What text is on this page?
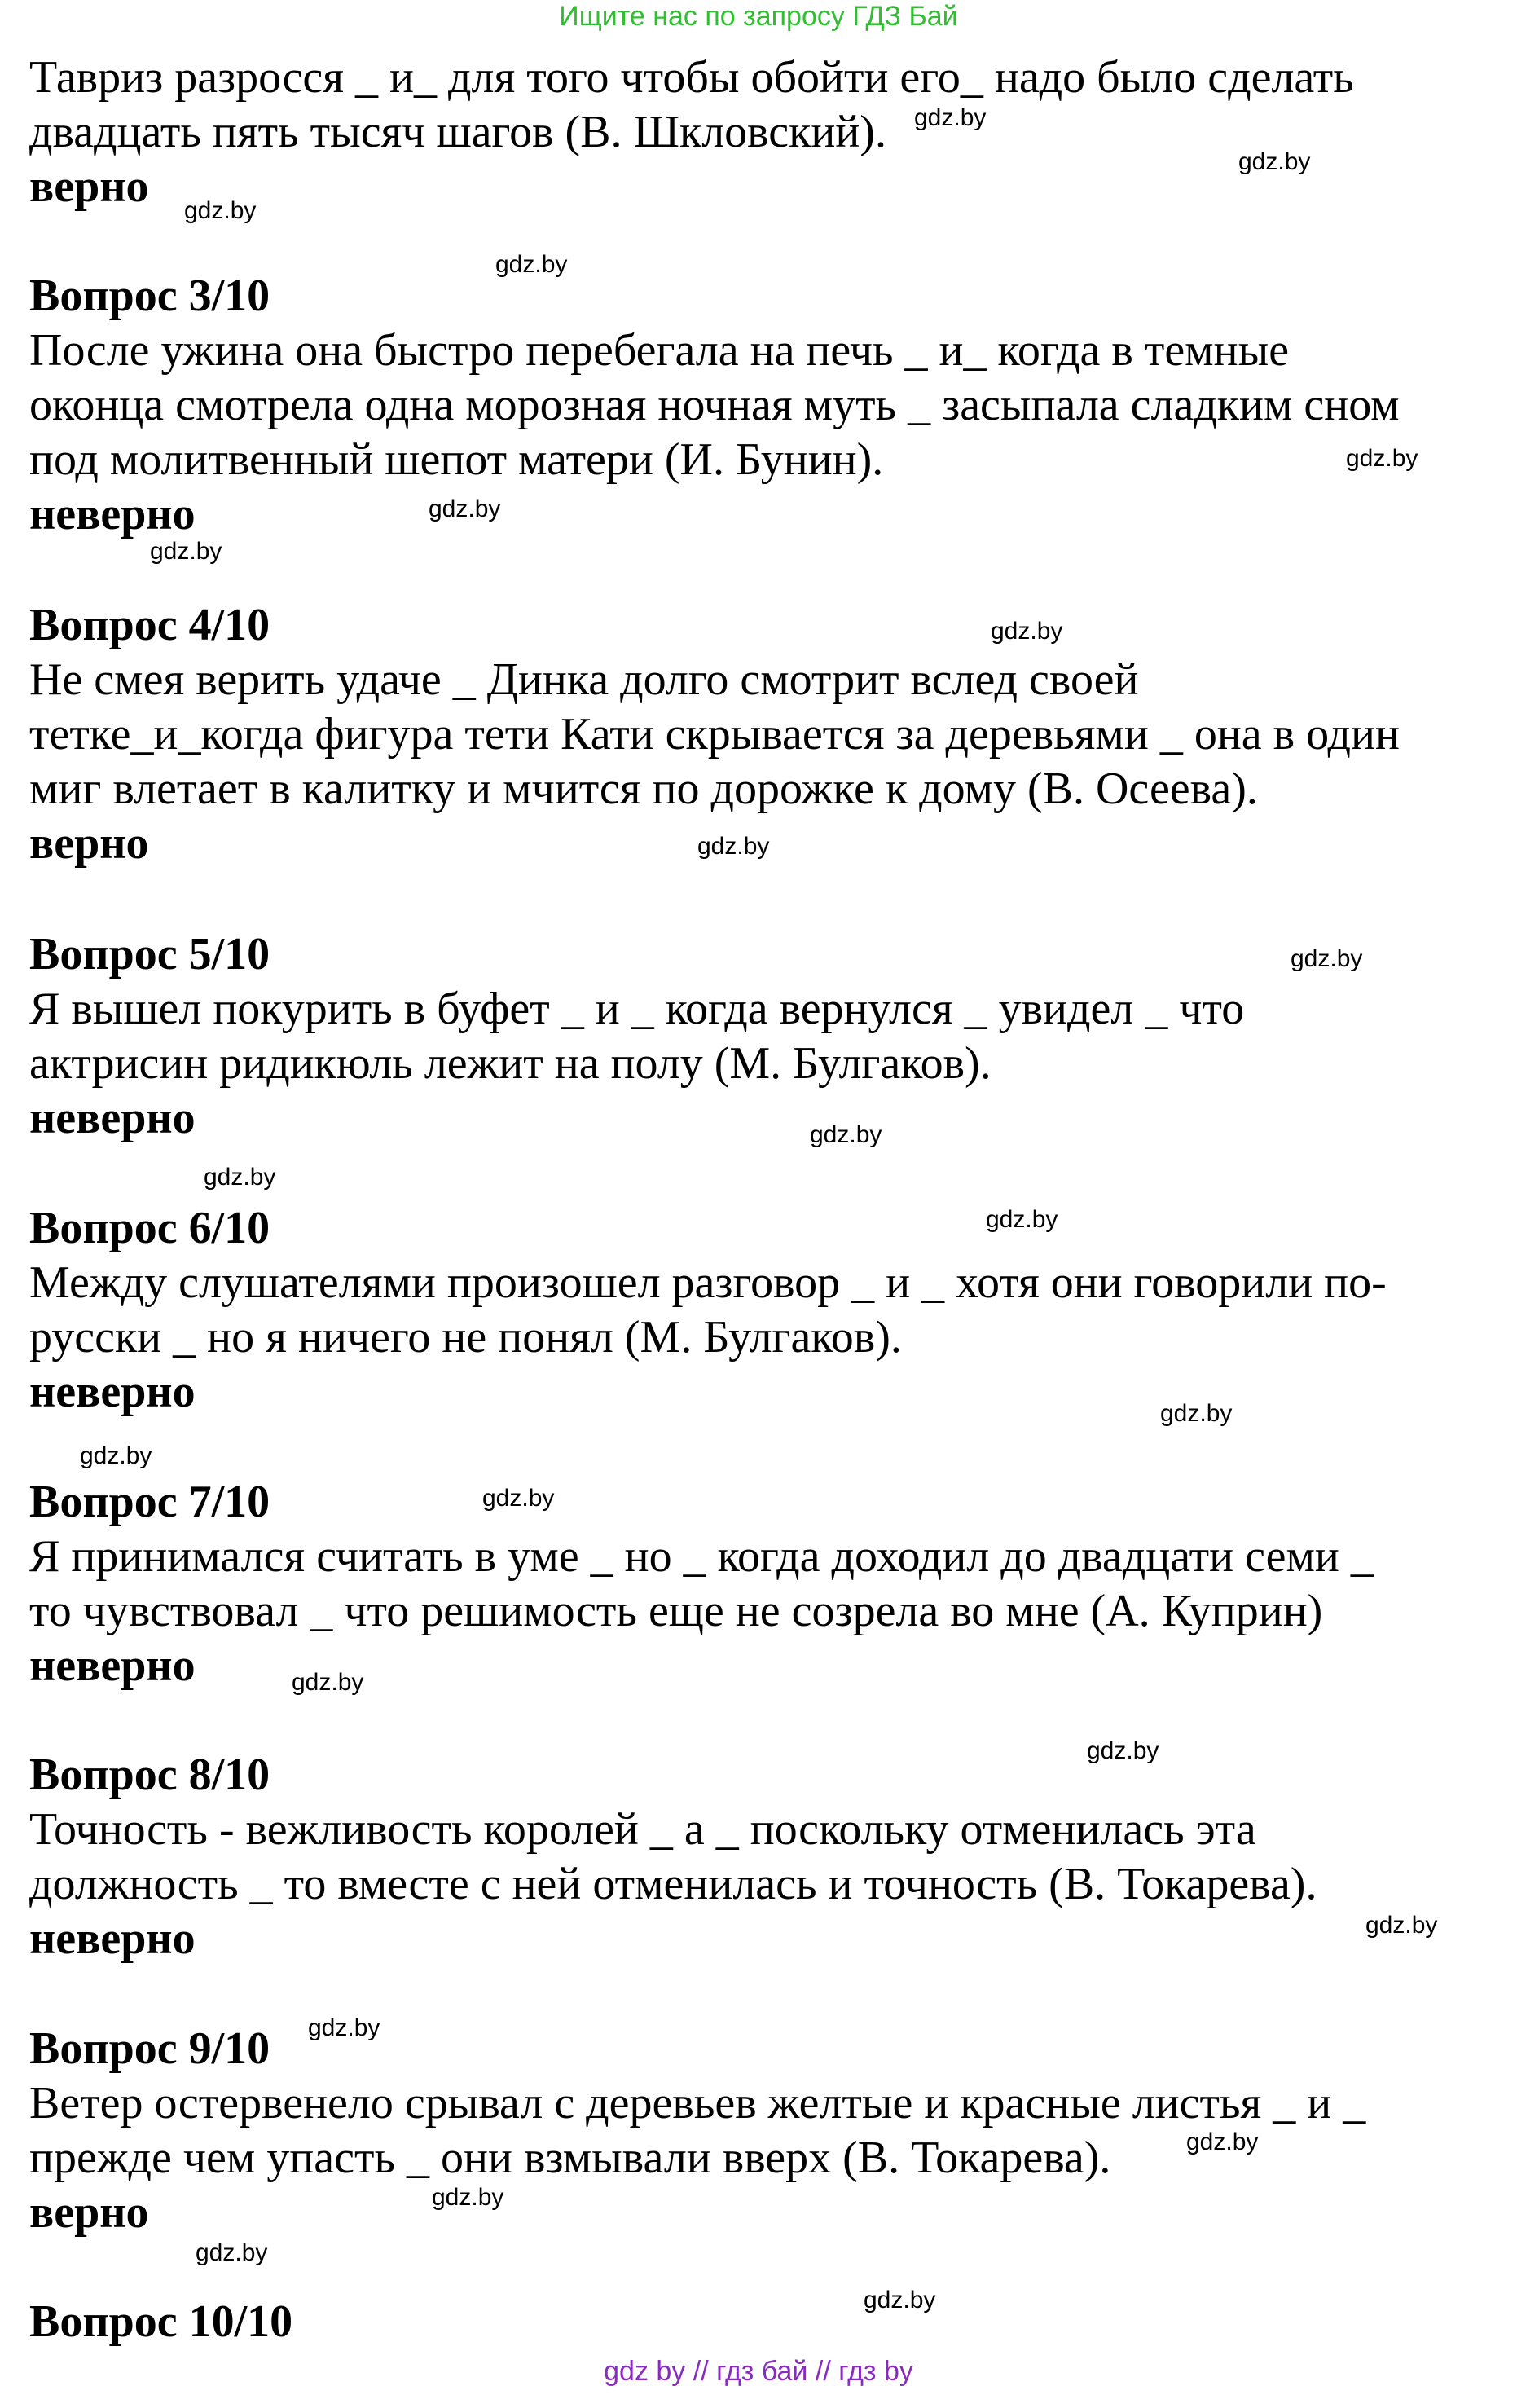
Ищите нас по запросу ГДЗ Бай

Тавриз разросся _ и_ для того чтобы обойти его_ надо было сделать
двадцать пять тысяч шагов (В. Шкловский).

верно

Вопрос 3/10

После ужина она быстро перебегала на печь _ и_ когда в темные
оконца смотрела одна морозная ночная муть _ засыпала сладким сном
под молитвенный шепот матери (И. Бунин).

неверно

Вопрос 4/10

Не смея верить удаче _ Динка долго смотрит вслед своей
тетке_и_когда фигура тети Кати скрывается за деревьями _ она в один
миг влетает в калитку и мчится по дорожке к дому (В. Осеева).

верно

Вопрос 5/10

Я вышел покурить в буфет _ и _ когда вернулся _ увидел _ что
актрисин ридикюль лежит на полу (М. Булгаков).

неверно

Вопрос 6/10

Между слушателями произошел разговор _ и _ хотя они говорили по-
русски _ но я ничего не понял (М. Булгаков).

неверно

Вопрос 7/10

Я принимался считать в уме _ но _ когда доходил до двадцати семи _
то чувствовал _ что решимость еще не созрела во мне (А. Куприн)

неверно

Вопрос 8/10

Точность - вежливость королей _ а _ поскольку отменилась эта
должность _ то вместе с ней отменилась и точность (В. Токарева).

неверно

Вопрос 9/10

Ветер остервенело срывал с деревьев желтые и красные листья _ и _
прежде чем упасть _ они взмывали вверх (В. Токарева).

верно

Вопрос 10/10

gdz.by
gdz.by
gdz.by
gdz.by
gdz.by
gdz.by
gdz.by
gdz.by
gdz.by
gdz.by
gdz.by
gdz.by
gdz.by
gdz.by
gdz.by
gdz.by
gdz.by
gdz.by
gdz.by
gdz.by
gdz.by
gdz.by
gdz.by
gdz.by
gdz by // гдз бай // гдз by
